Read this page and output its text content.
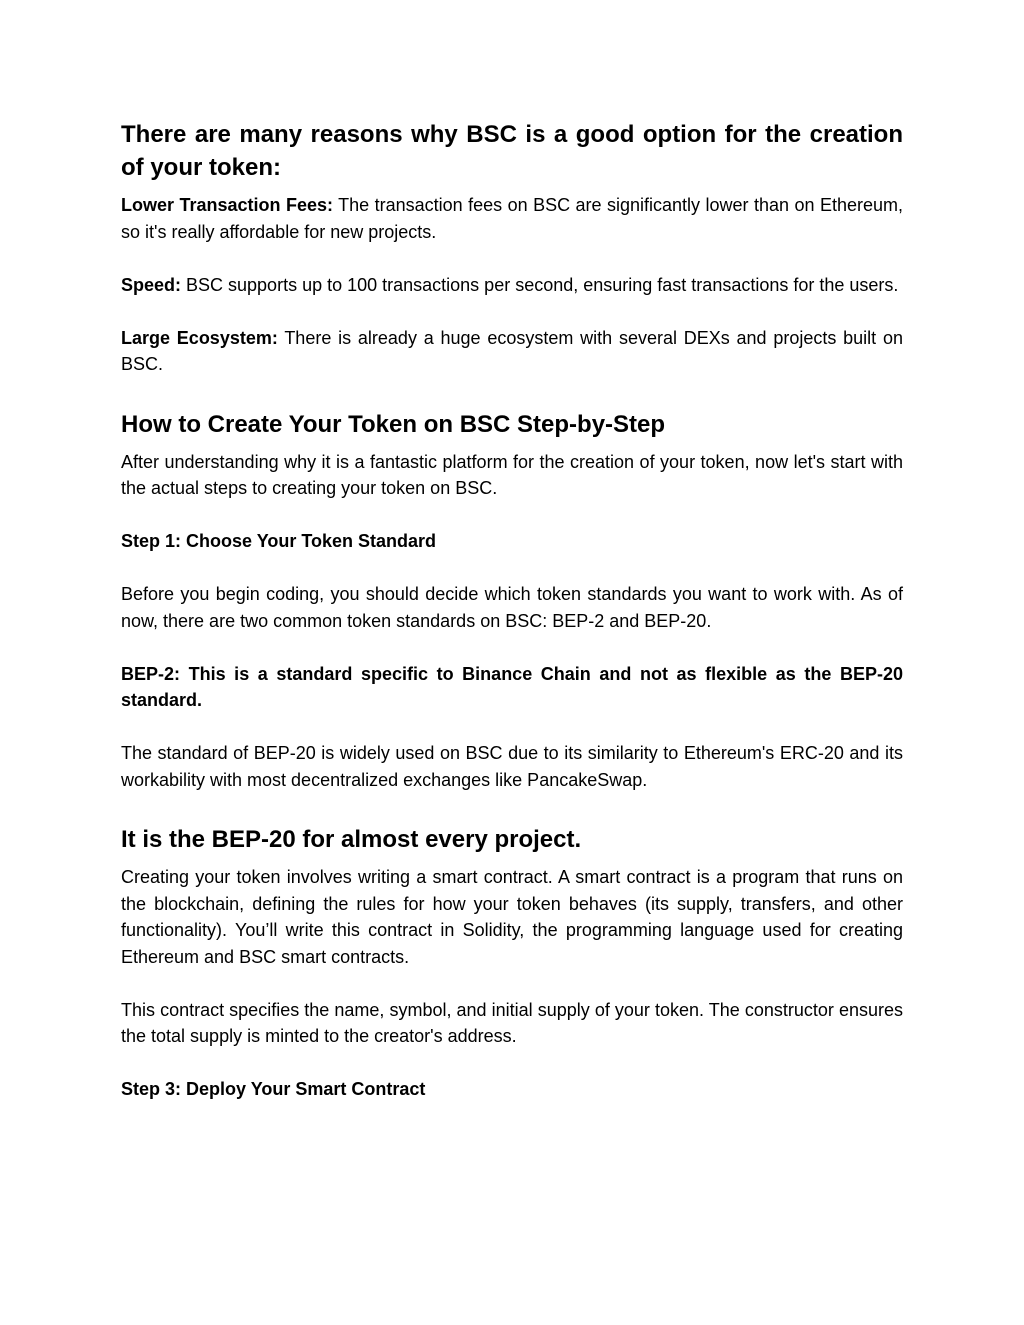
There are many reasons why BSC is a good option for the creation of your token:

Lower Transaction Fees: The transaction fees on BSC are significantly lower than on Ethereum, so it's really affordable for new projects.

Speed: BSC supports up to 100 transactions per second, ensuring fast transactions for the users.

Large Ecosystem: There is already a huge ecosystem with several DEXs and projects built on BSC.

How to Create Your Token on BSC Step-by-Step

After understanding why it is a fantastic platform for the creation of your token, now let's start with the actual steps to creating your token on BSC.

Step 1: Choose Your Token Standard

Before you begin coding, you should decide which token standards you want to work with. As of now, there are two common token standards on BSC: BEP-2 and BEP-20.

BEP-2: This is a standard specific to Binance Chain and not as flexible as the BEP-20 standard.

The standard of BEP-20 is widely used on BSC due to its similarity to Ethereum's ERC-20 and its workability with most decentralized exchanges like PancakeSwap.

It is the BEP-20 for almost every project.

Creating your token involves writing a smart contract. A smart contract is a program that runs on the blockchain, defining the rules for how your token behaves (its supply, transfers, and other functionality). You’ll write this contract in Solidity, the programming language used for creating Ethereum and BSC smart contracts.

This contract specifies the name, symbol, and initial supply of your token. The constructor ensures the total supply is minted to the creator's address.

Step 3: Deploy Your Smart Contract
